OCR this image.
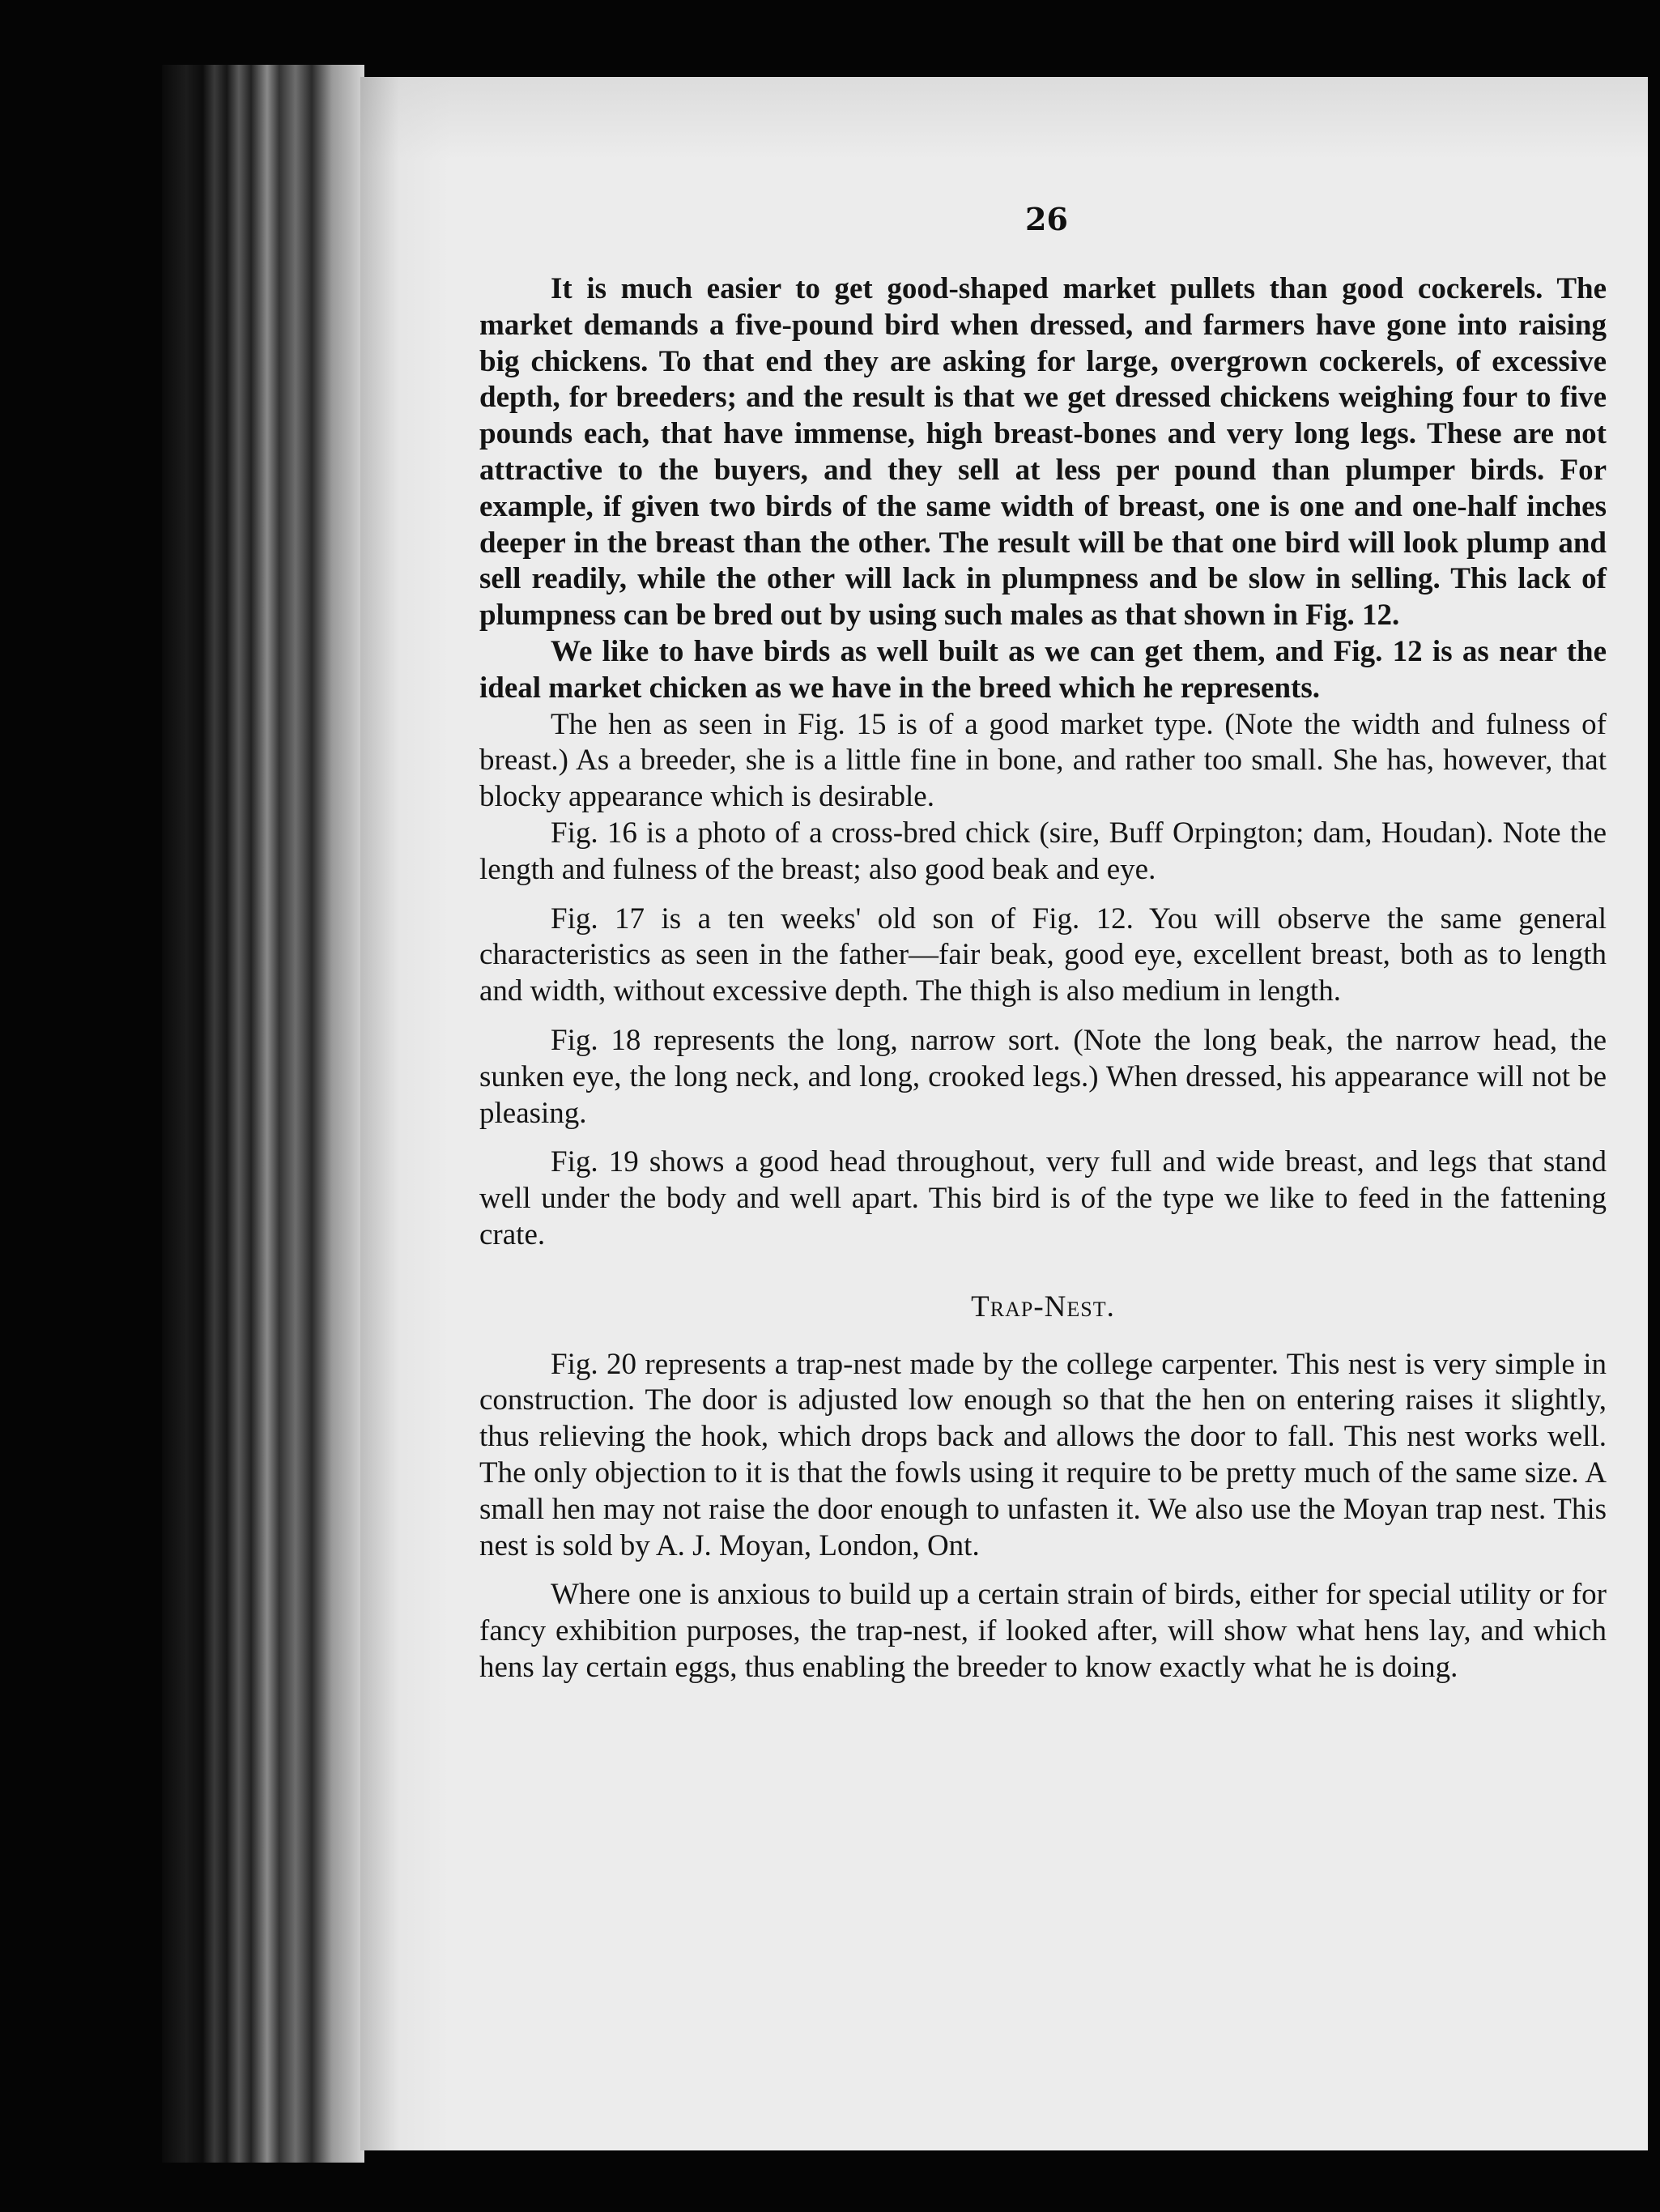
26

It is much easier to get good-shaped market pullets than good cockerels. The market demands a five-pound bird when dressed, and farmers have gone into raising big chickens. To that end they are asking for large, overgrown cockerels, of excessive depth, for breeders; and the result is that we get dressed chickens weighing four to five pounds each, that have immense, high breast-bones and very long legs. These are not attractive to the buyers, and they sell at less per pound than plumper birds. For example, if given two birds of the same width of breast, one is one and one-half inches deeper in the breast than the other. The result will be that one bird will look plump and sell readily, while the other will lack in plumpness and be slow in selling. This lack of plumpness can be bred out by using such males as that shown in Fig. 12.

We like to have birds as well built as we can get them, and Fig. 12 is as near the ideal market chicken as we have in the breed which he represents.

The hen as seen in Fig. 15 is of a good market type. (Note the width and fulness of breast.) As a breeder, she is a little fine in bone, and rather too small. She has, however, that blocky appearance which is desirable.

Fig. 16 is a photo of a cross-bred chick (sire, Buff Orpington; dam, Houdan). Note the length and fulness of the breast; also good beak and eye.

Fig. 17 is a ten weeks' old son of Fig. 12. You will observe the same general characteristics as seen in the father—fair beak, good eye, excellent breast, both as to length and width, without excessive depth. The thigh is also medium in length.

Fig. 18 represents the long, narrow sort. (Note the long beak, the narrow head, the sunken eye, the long neck, and long, crooked legs.) When dressed, his appearance will not be pleasing.

Fig. 19 shows a good head throughout, very full and wide breast, and legs that stand well under the body and well apart. This bird is of the type we like to feed in the fattening crate.

Trap-Nest.

Fig. 20 represents a trap-nest made by the college carpenter. This nest is very simple in construction. The door is adjusted low enough so that the hen on entering raises it slightly, thus relieving the hook, which drops back and allows the door to fall. This nest works well. The only objection to it is that the fowls using it require to be pretty much of the same size. A small hen may not raise the door enough to unfasten it. We also use the Moyan trap nest. This nest is sold by A. J. Moyan, London, Ont.

Where one is anxious to build up a certain strain of birds, either for special utility or for fancy exhibition purposes, the trap-nest, if looked after, will show what hens lay, and which hens lay certain eggs, thus enabling the breeder to know exactly what he is doing.
